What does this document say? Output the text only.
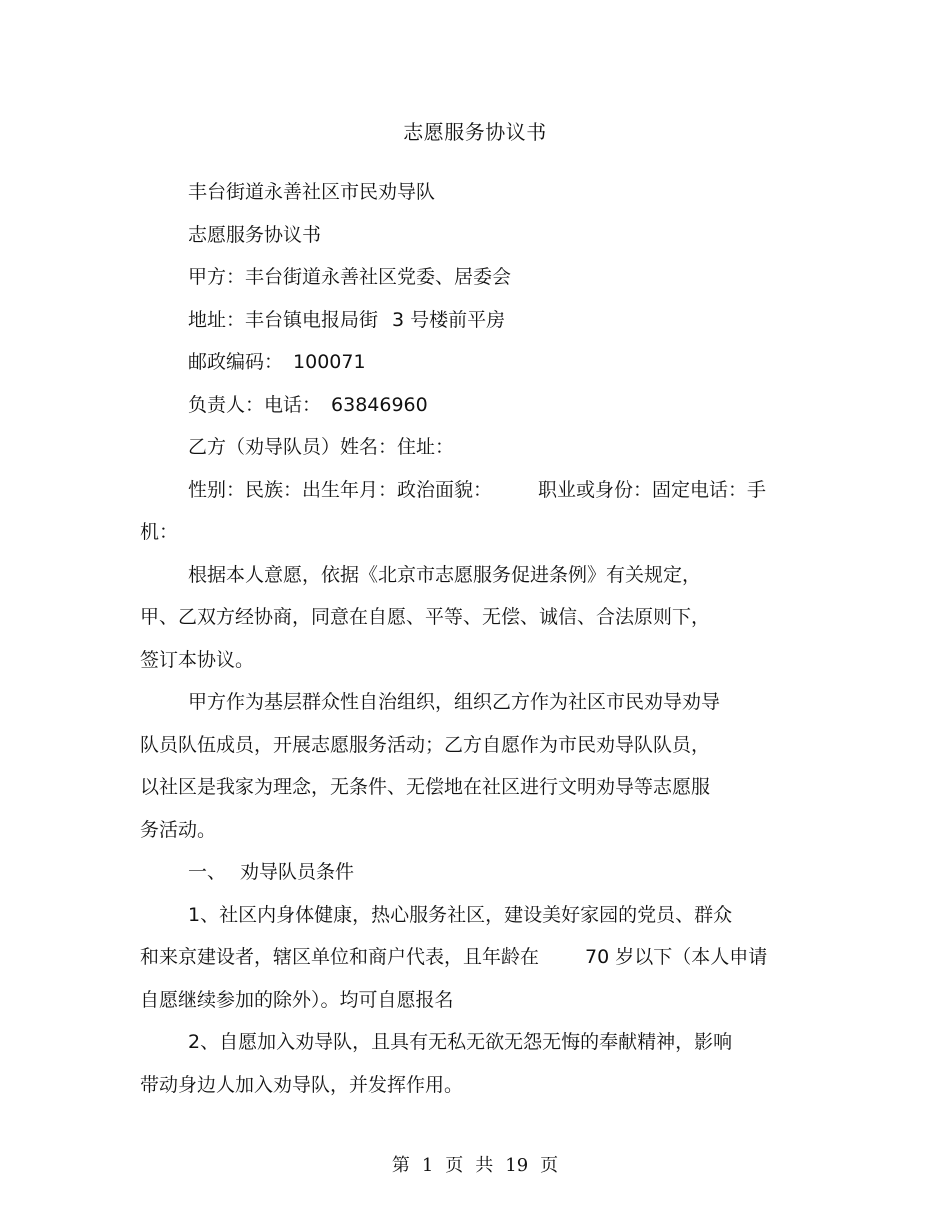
志愿服务协议书
丰台街道永善社区市民劝导队
志愿服务协议书
甲方：丰台街道永善社区党委、居委会
地址：丰台镇电报局街 3 号楼前平房
邮政编码： 100071
负责人：电话： 63846960
乙方（劝导队员）姓名：住址：
性别：民族：出生年月：政治面貌： 职业或身份：固定电话：手
机：
根据本人意愿，依据《北京市志愿服务促进条例》有关规定，
甲、乙双方经协商，同意在自愿、平等、无偿、诚信、合法原则下，
签订本协议。
甲方作为基层群众性自治组织，组织乙方作为社区市民劝导劝导
队员队伍成员，开展志愿服务活动；乙方自愿作为市民劝导队队员，
以社区是我家为理念，无条件、无偿地在社区进行文明劝导等志愿服
务活动。
一、 劝导队员条件
1、社区内身体健康，热心服务社区，建设美好家园的党员、群众
和来京建设者，辖区单位和商户代表，且年龄在 70 岁以下（本人申请
自愿继续参加的除外）。均可自愿报名
2、自愿加入劝导队，且具有无私无欲无怨无悔的奉献精神，影响
带动身边人加入劝导队，并发挥作用。
第 1 页 共 19 页
